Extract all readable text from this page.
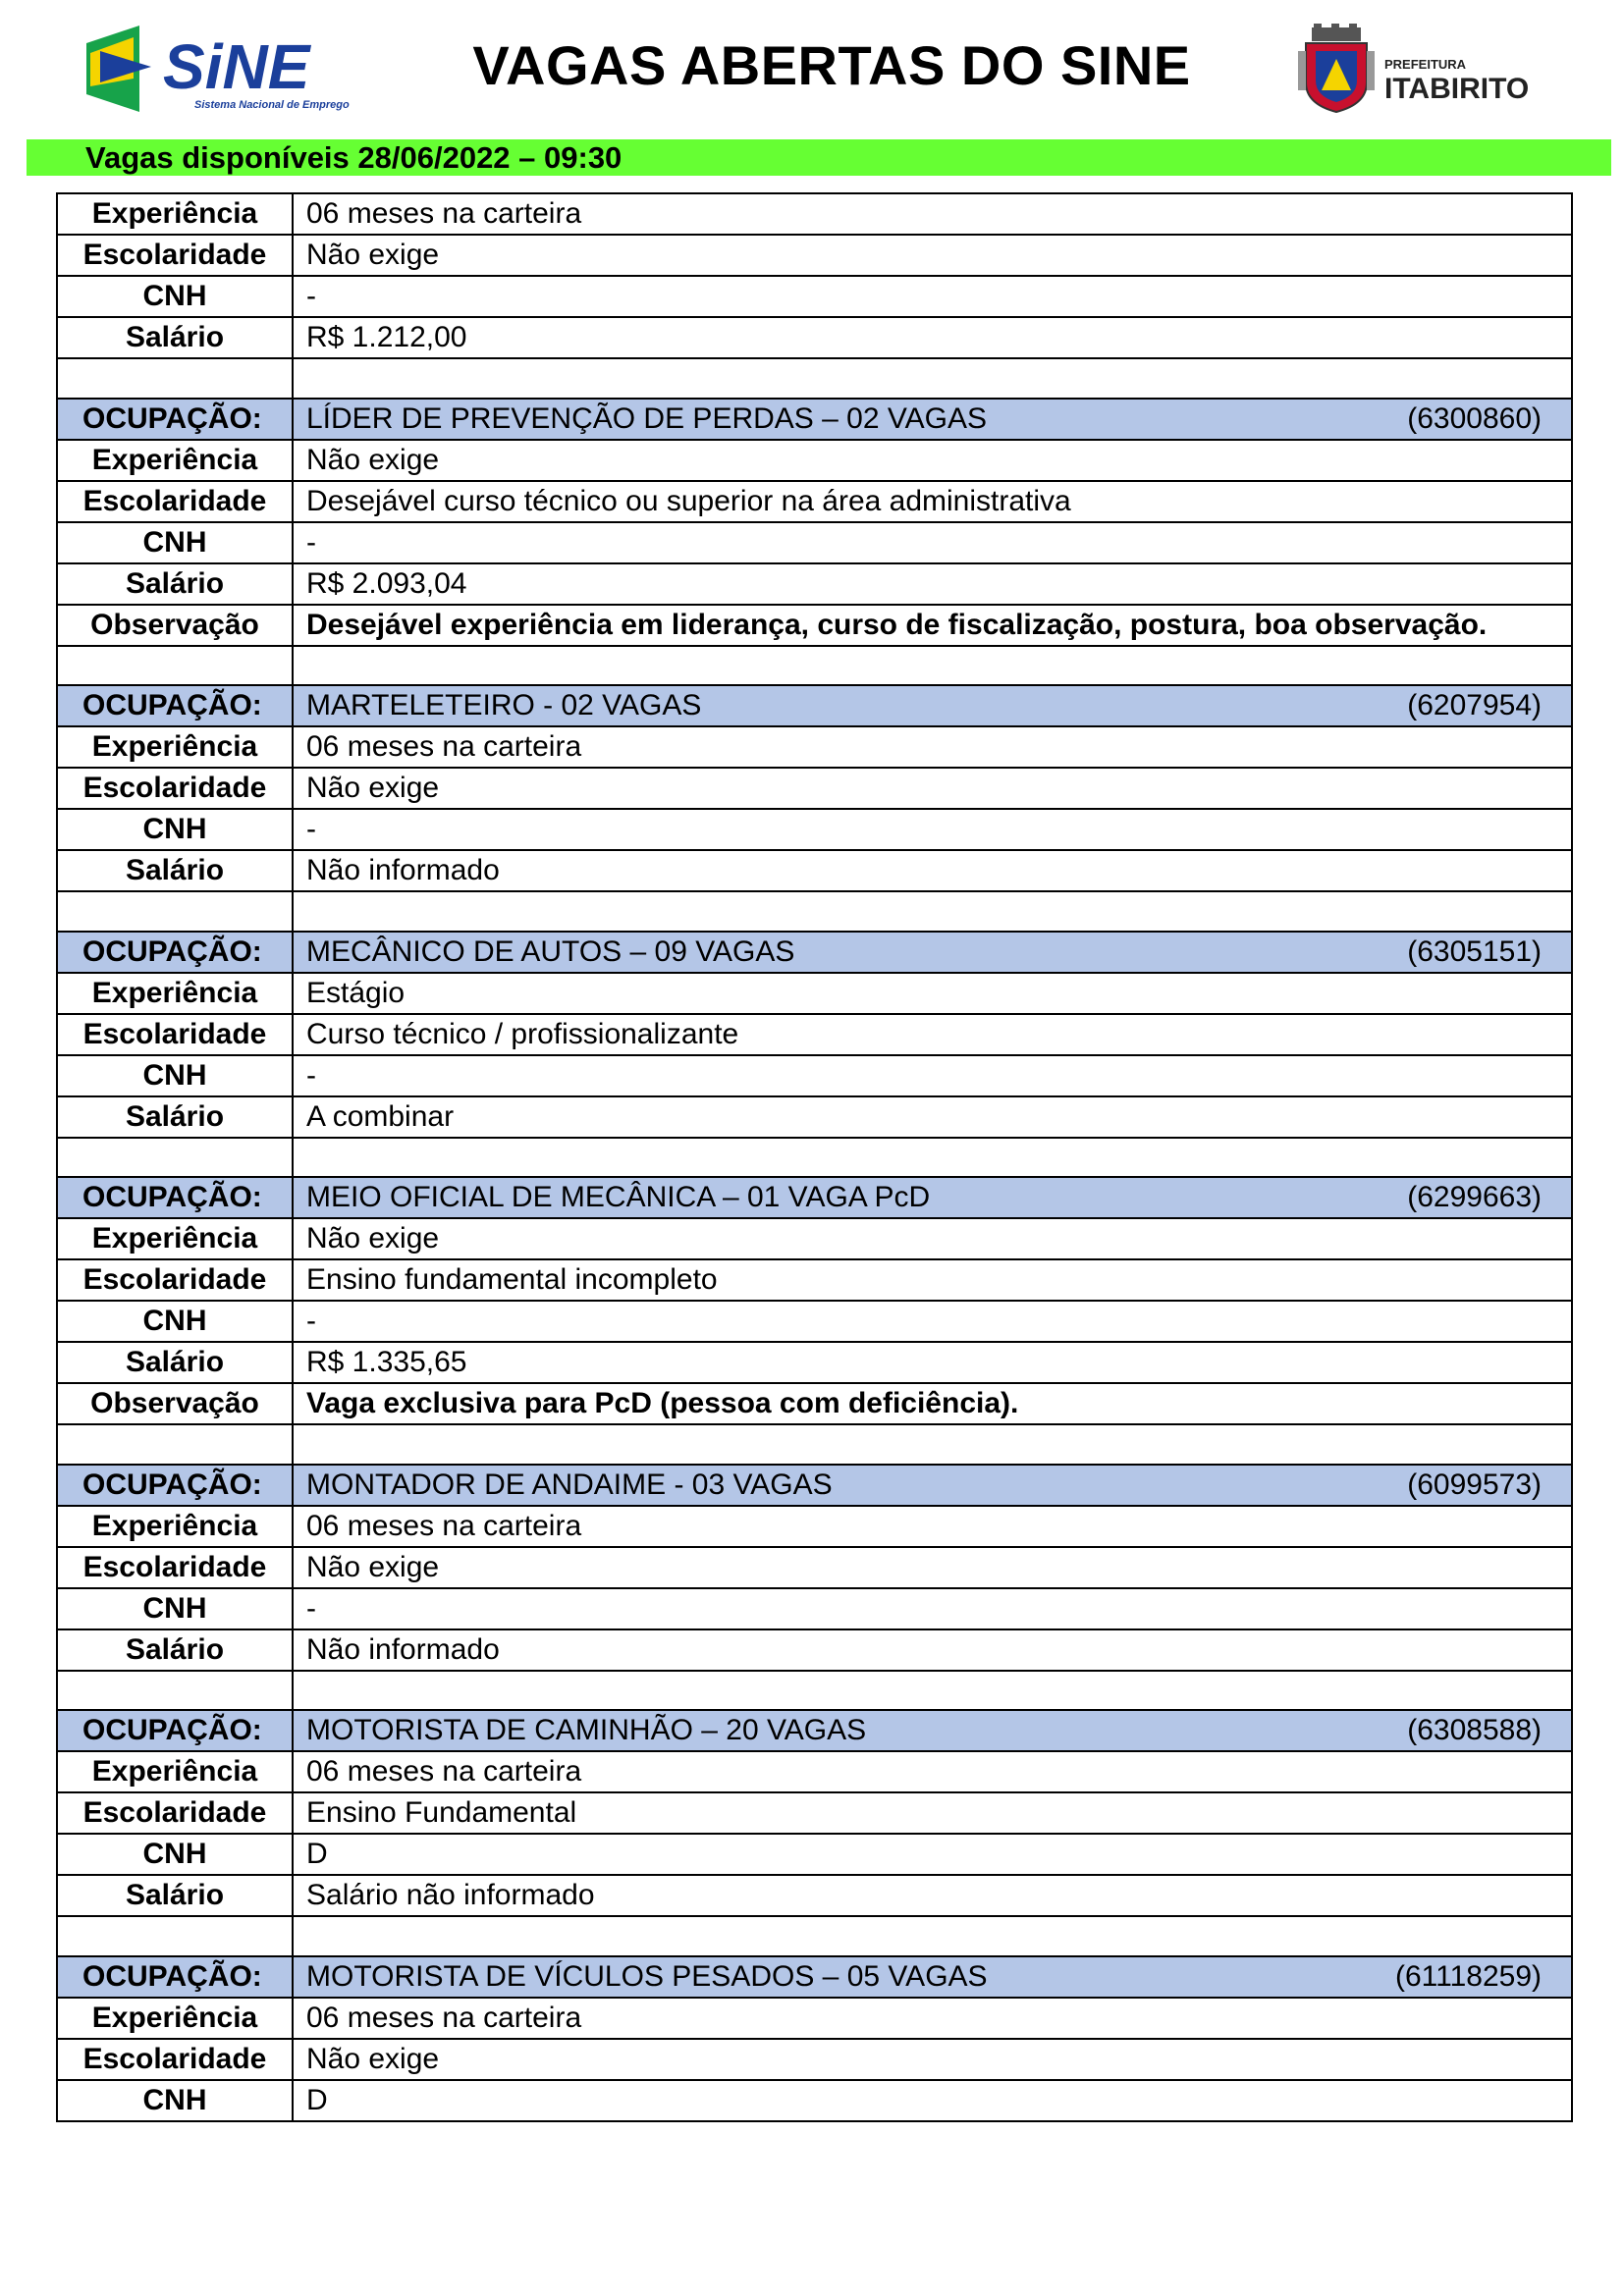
SiNE
Sistema Nacional de Emprego
VAGAS ABERTAS DO SINE	PREFEITURA
ITABIRITO
Vagas disponíveis 28/06/2022 – 09:30
Experiência	06 meses na carteira
Escolaridade	Não exige
CNH	-
Salário	R$ 1.212,00

OCUPAÇÃO:	LÍDER DE PREVENÇÃO DE PERDAS – 02 VAGAS (6300860)

Experiência	Não exige
Escolaridade	Desejável curso técnico ou superior na área administrativa
CNH	-
Salário	R$ 2.093,04
Observação	Desejável experiência em liderança, curso de fiscalização, postura, boa observação.

OCUPAÇÃO:	MARTELETEIRO - 02 VAGAS (6207954)

Experiência	06 meses na carteira
Escolaridade	Não exige
CNH	-
Salário	Não informado

OCUPAÇÃO:	MECÂNICO DE AUTOS – 09 VAGAS (6305151)

Experiência	Estágio
Escolaridade	Curso técnico / profissionalizante
CNH	-
Salário	A combinar

OCUPAÇÃO:	MEIO OFICIAL DE MECÂNICA – 01 VAGA PcD (6299663)

Experiência	Não exige
Escolaridade	Ensino fundamental incompleto
CNH	-
Salário	R$ 1.335,65
Observação	Vaga exclusiva para PcD (pessoa com deficiência).

OCUPAÇÃO:	MONTADOR DE ANDAIME - 03 VAGAS (6099573)

Experiência	06 meses na carteira
Escolaridade	Não exige
CNH	-
Salário	Não informado

OCUPAÇÃO:	MOTORISTA DE CAMINHÃO – 20 VAGAS (6308588)

Experiência	06 meses na carteira
Escolaridade	Ensino Fundamental
CNH	D
Salário	Salário não informado

OCUPAÇÃO:	MOTORISTA DE VÍCULOS PESADOS – 05 VAGAS (61118259)

Experiência	06 meses na carteira
Escolaridade	Não exige
CNH	D
